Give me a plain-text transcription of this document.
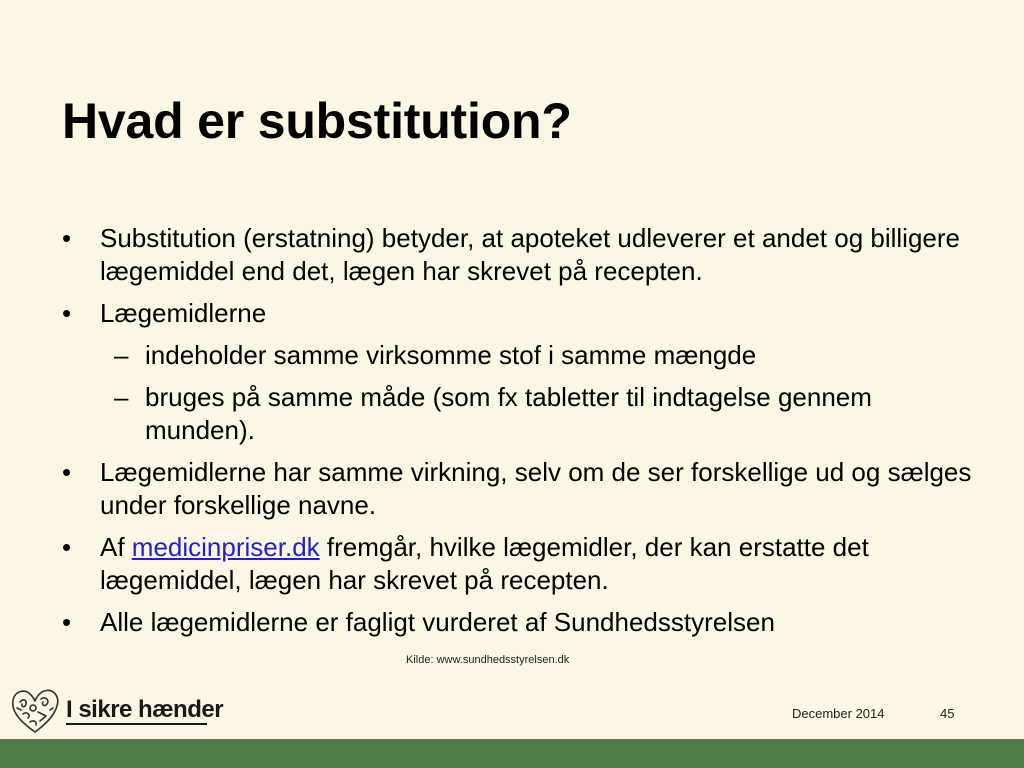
Hvad er substitution?

•	Substitution (erstatning) betyder, at apoteket udleverer et andet og billigere lægemiddel end det, lægen har skrevet på recepten.

•	Lægemidlerne

– indeholder samme virksomme stof i samme mængde

– bruges på samme måde (som fx tabletter til indtagelse gennem munden).

•	Lægemidlerne har samme virkning, selv om de ser forskellige ud og sælges under forskellige navne.

•	Af medicinpriser.dk fremgår, hvilke lægemidler, der kan erstatte det lægemiddel, lægen har skrevet på recepten.

•	Alle lægemidlerne er fagligt vurderet af Sundhedsstyrelsen

Kilde: www.sundhedsstyrelsen.dk
I sikre hænder	December 2014	45
